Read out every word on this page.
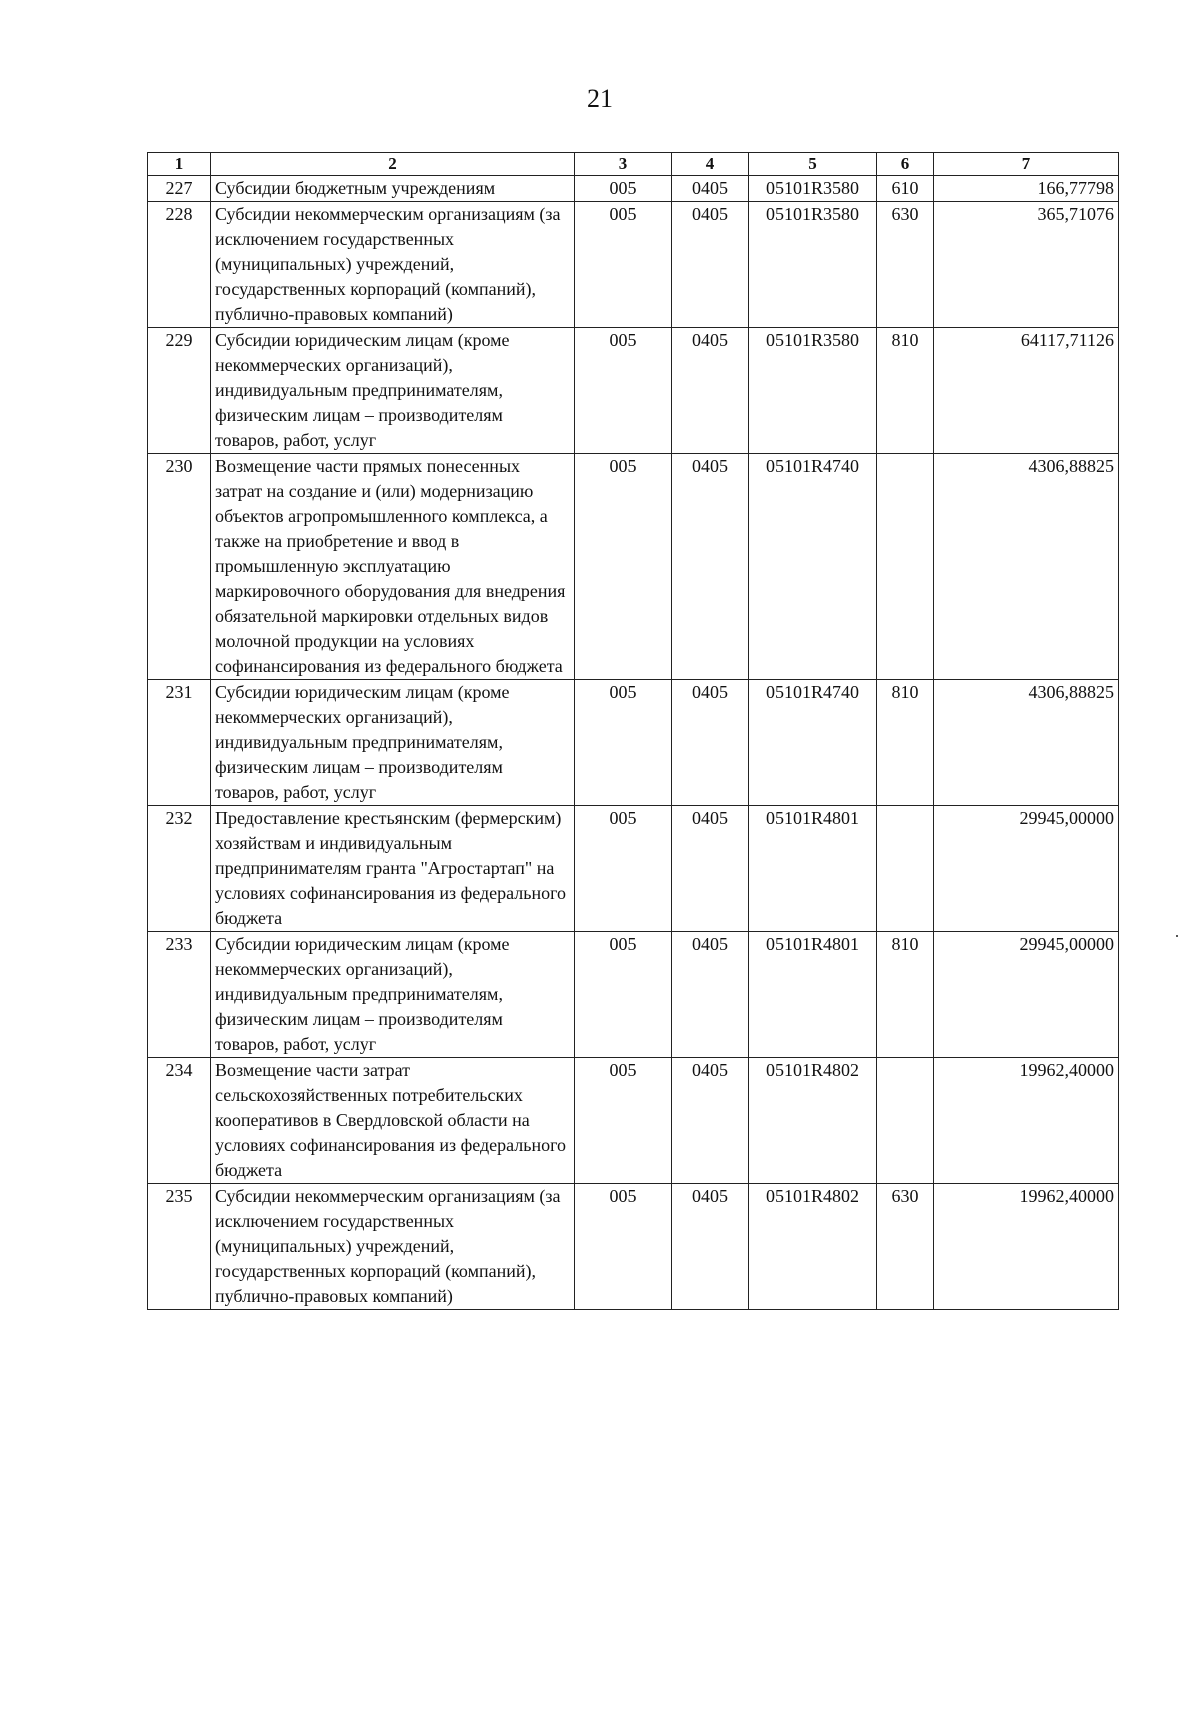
21
1	2	3	4	5	6	7
227	Субсидии бюджетным учреждениям	005	0405	05101R3580	610	166,77798
228	Субсидии некоммерческим организациям (за исключением государственных (муниципальных) учреждений, государственных корпораций (компаний), публично-правовых компаний)	005	0405	05101R3580	630	365,71076
229	Субсидии юридическим лицам (кроме некоммерческих организаций), индивидуальным предпринимателям, физическим лицам – производителям товаров, работ, услуг	005	0405	05101R3580	810	64117,71126
230	Возмещение части прямых понесенных затрат на создание и (или) модернизацию объектов агропромышленного комплекса, а также на приобретение и ввод в промышленную эксплуатацию маркировочного оборудования для внедрения обязательной маркировки отдельных видов молочной продукции на условиях софинансирования из федерального бюджета	005	0405	05101R4740		4306,88825
231	Субсидии юридическим лицам (кроме некоммерческих организаций), индивидуальным предпринимателям, физическим лицам – производителям товаров, работ, услуг	005	0405	05101R4740	810	4306,88825
232	Предоставление крестьянским (фермерским) хозяйствам и индивидуальным предпринимателям гранта "Агростартап" на условиях софинансирования из федерального бюджета	005	0405	05101R4801		29945,00000
233	Субсидии юридическим лицам (кроме некоммерческих организаций), индивидуальным предпринимателям, физическим лицам – производителям товаров, работ, услуг	005	0405	05101R4801	810	29945,00000
234	Возмещение части затрат сельскохозяйственных потребительских кооперативов в Свердловской области на условиях софинансирования из федерального бюджета	005	0405	05101R4802		19962,40000
235	Субсидии некоммерческим организациям (за исключением государственных (муниципальных) учреждений, государственных корпораций (компаний), публично-правовых компаний)	005	0405	05101R4802	630	19962,40000
